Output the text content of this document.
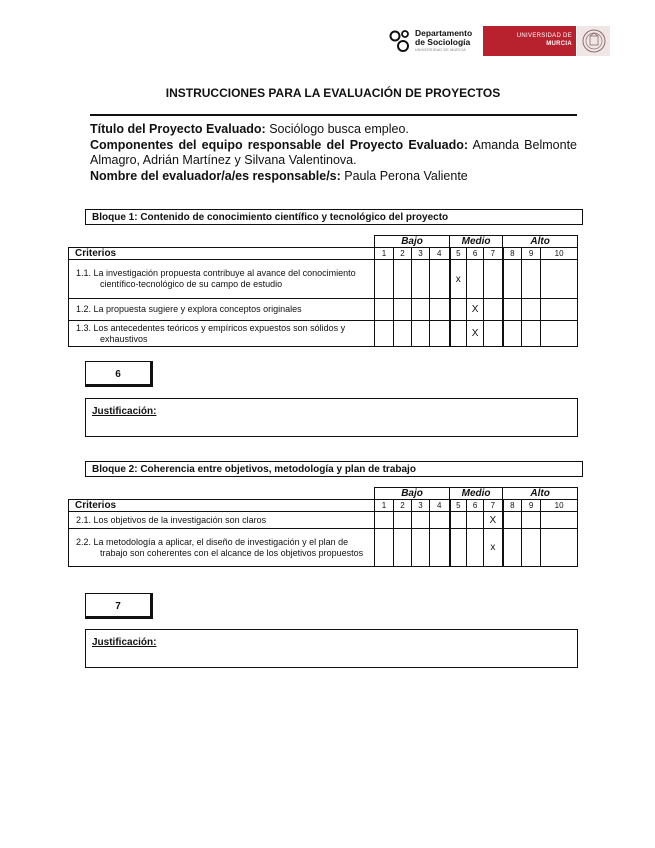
Departamento
de Sociología
UNIVERSIDAD DE MURCIA
UNIVERSIDAD DE
MURCIA
INSTRUCCIONES PARA LA EVALUACIÓN DE PROYECTOS

Título del Proyecto Evaluado: Sociólogo busca empleo.

Componentes del equipo responsable del Proyecto Evaluado: Amanda Belmonte Almagro, Adrián Martínez y Silvana Valentinova.

Nombre del evaluador/a/es responsable/s: Paula Perona Valiente

Bloque 1: Contenido de conocimiento científico y tecnológico del proyecto
	Bajo				Medio			Alto		
Criterios	1	2	3	4	5	6	7	8	9	10
1.1. La investigación propuesta contribuye al avance del conocimiento científico-tecnológico de su campo de estudio					x					
1.2. La propuesta sugiere y explora conceptos originales						X				
1.3. Los antecedentes teóricos y empíricos expuestos son sólidos y exhaustivos						X				
6
Justificación:
Bloque 2: Coherencia entre objetivos, metodología y plan de trabajo
	Bajo				Medio			Alto		
Criterios	1	2	3	4	5	6	7	8	9	10
2.1. Los objetivos de la investigación son claros							X			
2.2. La metodología a aplicar, el diseño de investigación y el plan de trabajo son coherentes con el alcance de los objetivos propuestos							x			
7
Justificación:
